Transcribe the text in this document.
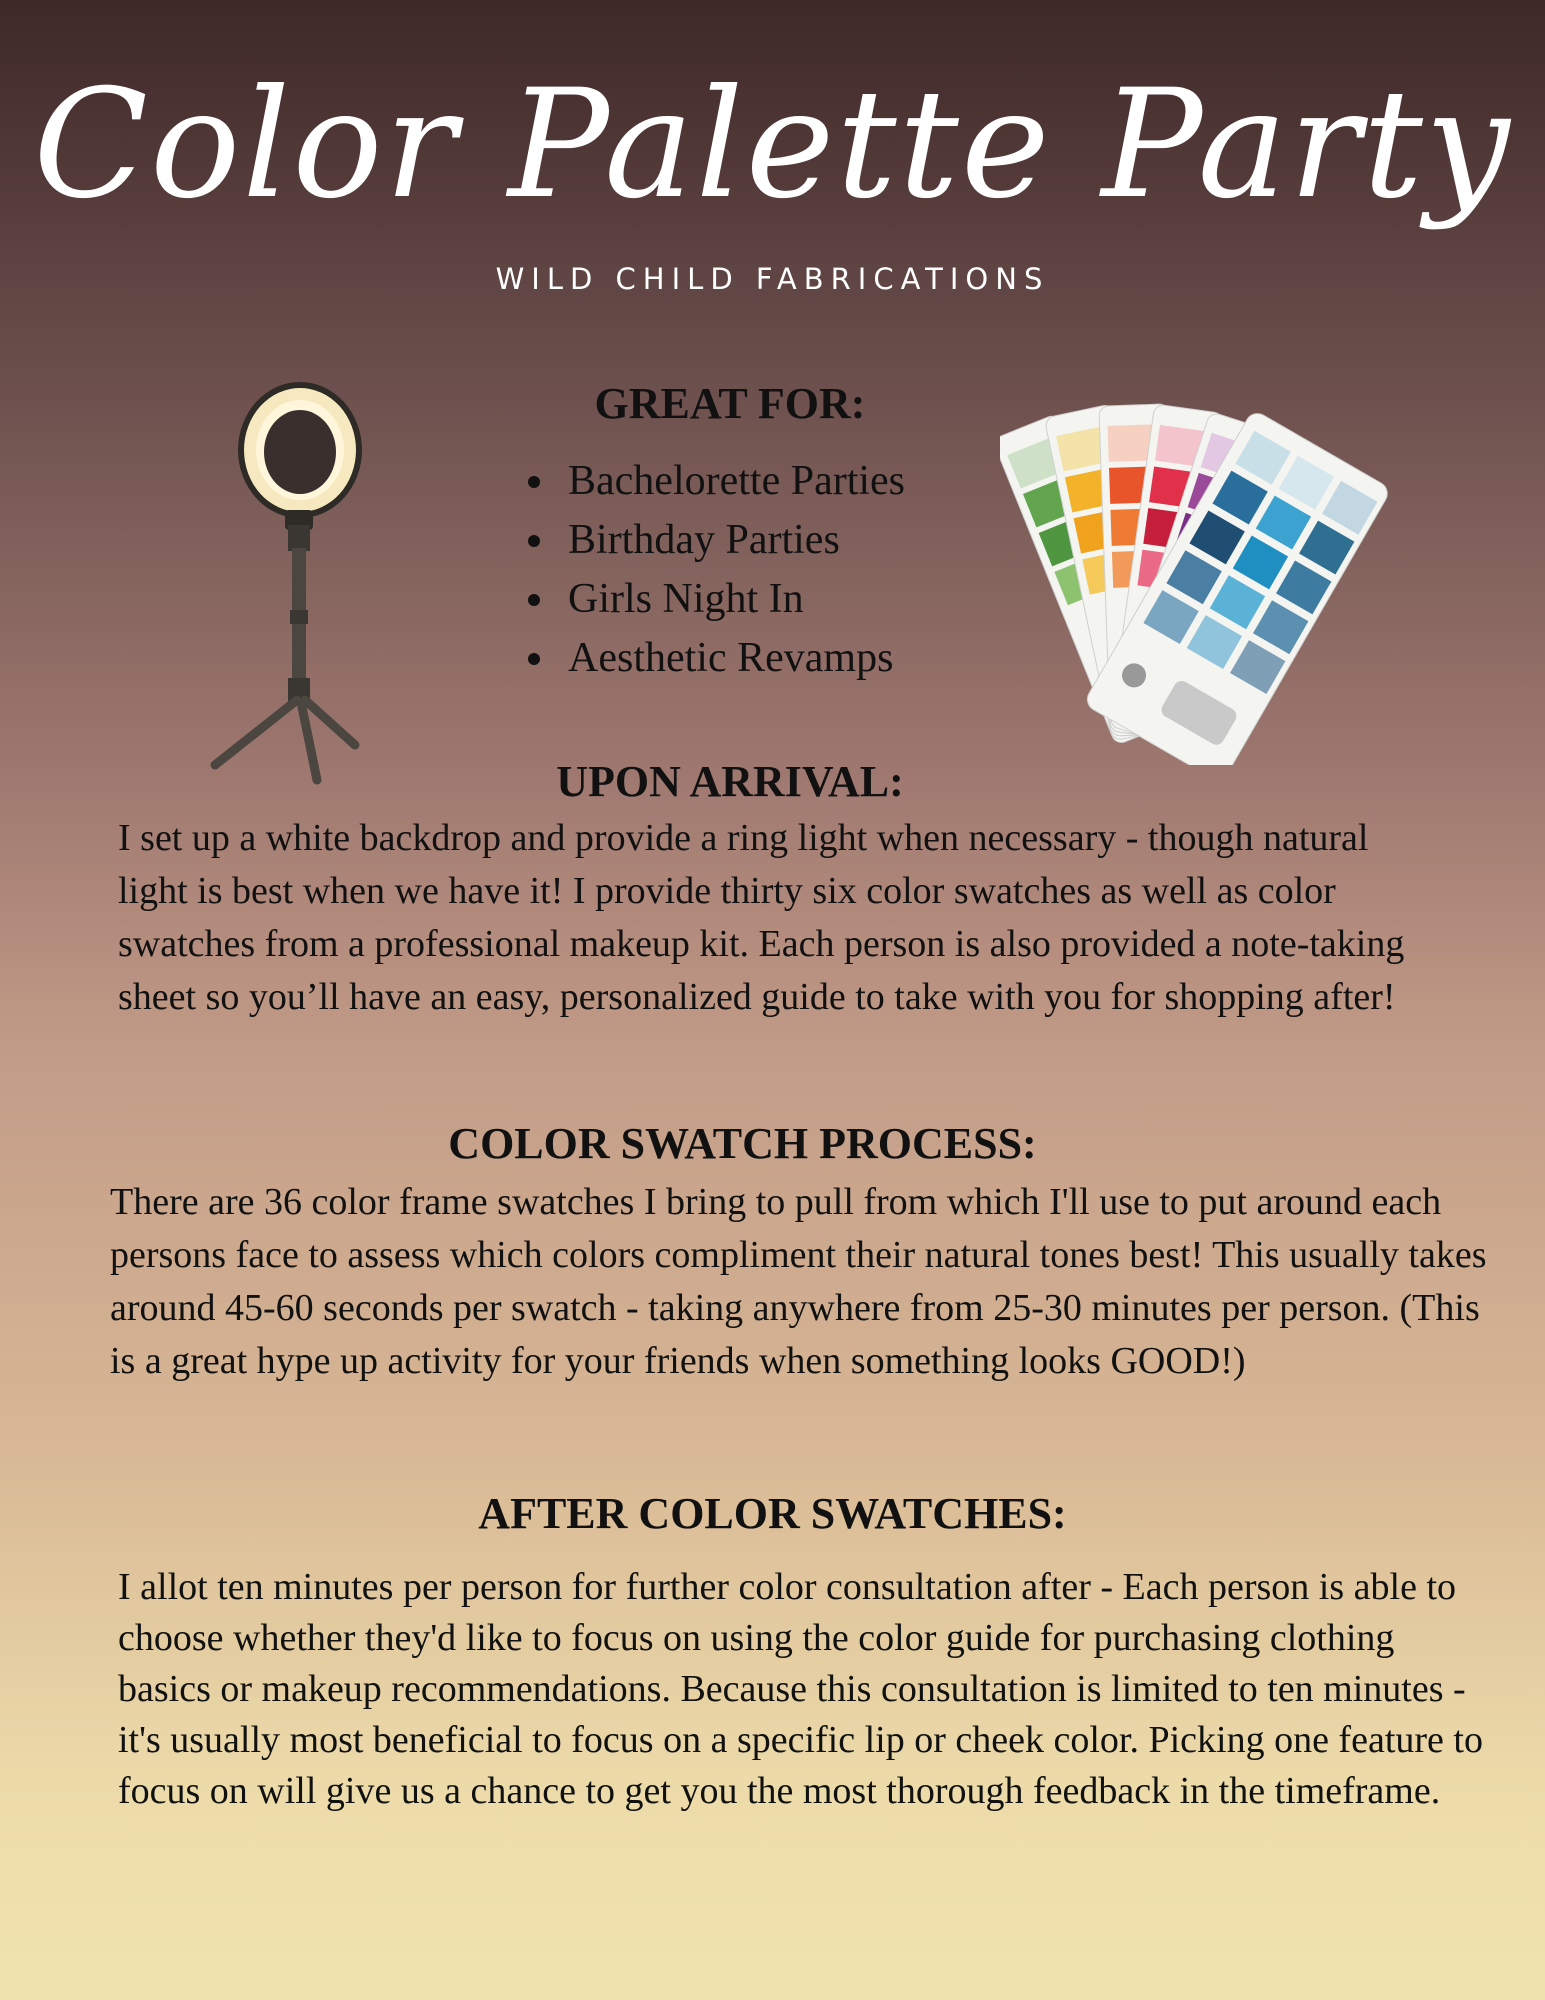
Color Palette Party
WILD CHILD FABRICATIONS
GREAT FOR:
Bachelorette Parties
Birthday Parties
Girls Night In
Aesthetic Revamps
UPON ARRIVAL:
I set up a white backdrop and provide a ring light when necessary - though natural light is best when we have it! I provide thirty six color swatches as well as color swatches from a professional makeup kit. Each person is also provided a note-taking sheet so you’ll have an easy, personalized guide to take with you for shopping after!
COLOR SWATCH PROCESS:
There are 36 color frame swatches I bring to pull from which I'll use to put around each persons face to assess which colors compliment their natural tones best! This usually takes around 45-60 seconds per swatch - taking anywhere from 25-30 minutes per person. (This is a great hype up activity for your friends when something looks GOOD!)
AFTER COLOR SWATCHES:
I allot ten minutes per person for further color consultation after - Each person is able to choose whether they'd like to focus on using the color guide for purchasing clothing basics or makeup recommendations. Because this consultation is limited to ten minutes - it's usually most beneficial to focus on a specific lip or cheek color. Picking one feature to focus on will give us a chance to get you the most thorough feedback in the timeframe.
